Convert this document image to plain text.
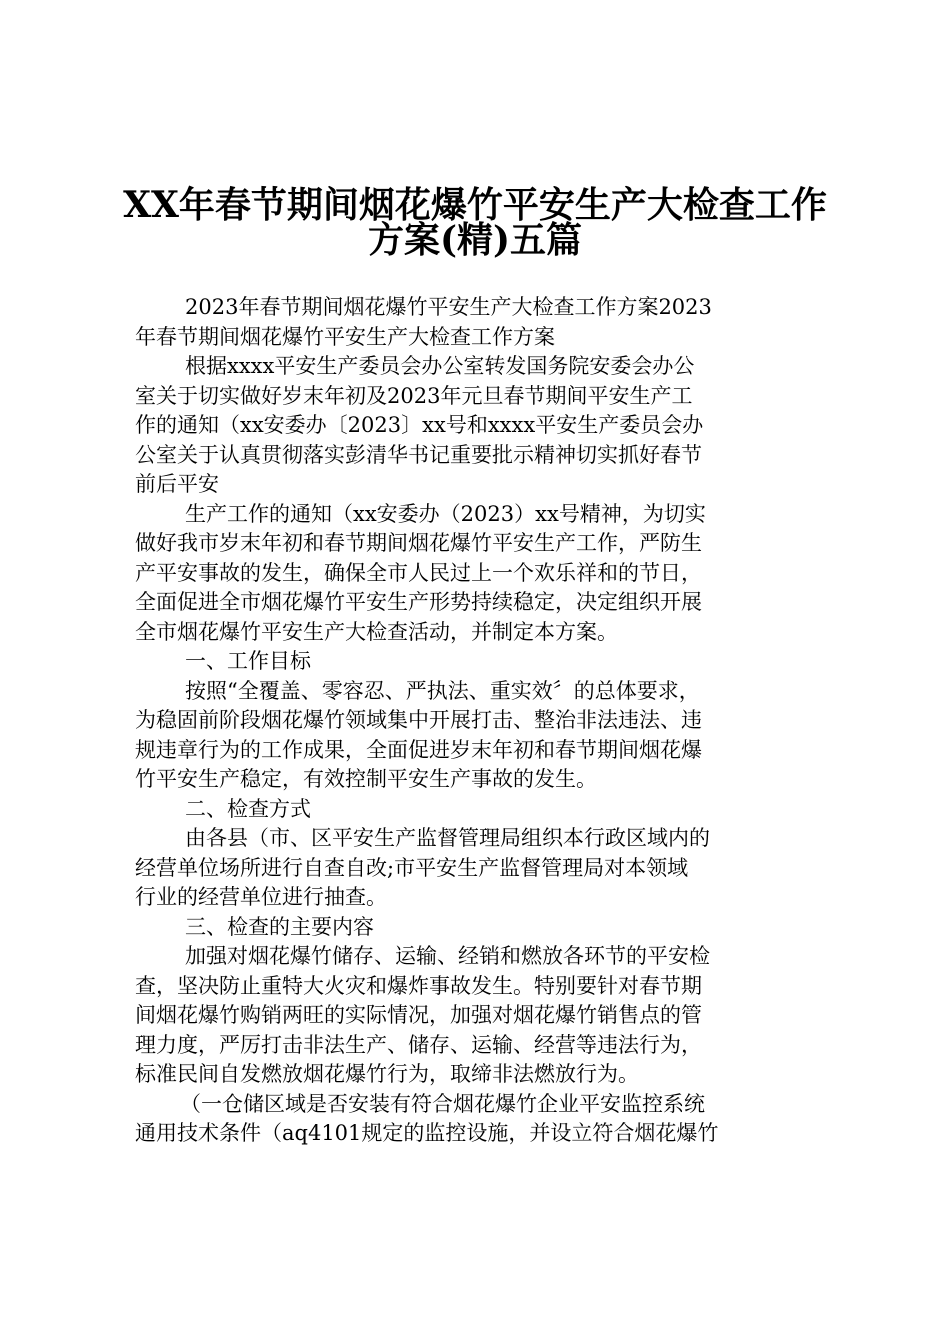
XX年春节期间烟花爆竹平安生产大检查工作
方案(精)五篇
2023年春节期间烟花爆竹平安生产大检查工作方案2023
年春节期间烟花爆竹平安生产大检查工作方案
根据xxxx平安生产委员会办公室转发国务院安委会办公
室关于切实做好岁末年初及2023年元旦春节期间平安生产工
作的通知（xx安委办〔2023〕xx号和xxxx平安生产委员会办
公室关于认真贯彻落实彭清华书记重要批示精神切实抓好春节
前后平安
生产工作的通知（xx安委办（2023）xx号精神，为切实
做好我市岁末年初和春节期间烟花爆竹平安生产工作，严防生
产平安事故的发生，确保全市人民过上一个欢乐祥和的节日，
全面促进全市烟花爆竹平安生产形势持续稳定，决定组织开展
全市烟花爆竹平安生产大检查活动，并制定本方案。
一、工作目标
按照“全覆盖、零容忍、严执法、重实效〞的总体要求，
为稳固前阶段烟花爆竹领域集中开展打击、整治非法违法、违
规违章行为的工作成果，全面促进岁末年初和春节期间烟花爆
竹平安生产稳定，有效控制平安生产事故的发生。
二、检查方式
由各县（市、区平安生产监督管理局组织本行政区域内的
经营单位场所进行自查自改;市平安生产监督管理局对本领域
行业的经营单位进行抽查。
三、检查的主要内容
加强对烟花爆竹储存、运输、经销和燃放各环节的平安检
查，坚决防止重特大火灾和爆炸事故发生。特别要针对春节期
间烟花爆竹购销两旺的实际情况，加强对烟花爆竹销售点的管
理力度，严厉打击非法生产、储存、运输、经营等违法行为，
标准民间自发燃放烟花爆竹行为，取缔非法燃放行为。
（一仓储区域是否安装有符合烟花爆竹企业平安监控系统
通用技术条件（aq4101规定的监控设施，并设立符合烟花爆竹
